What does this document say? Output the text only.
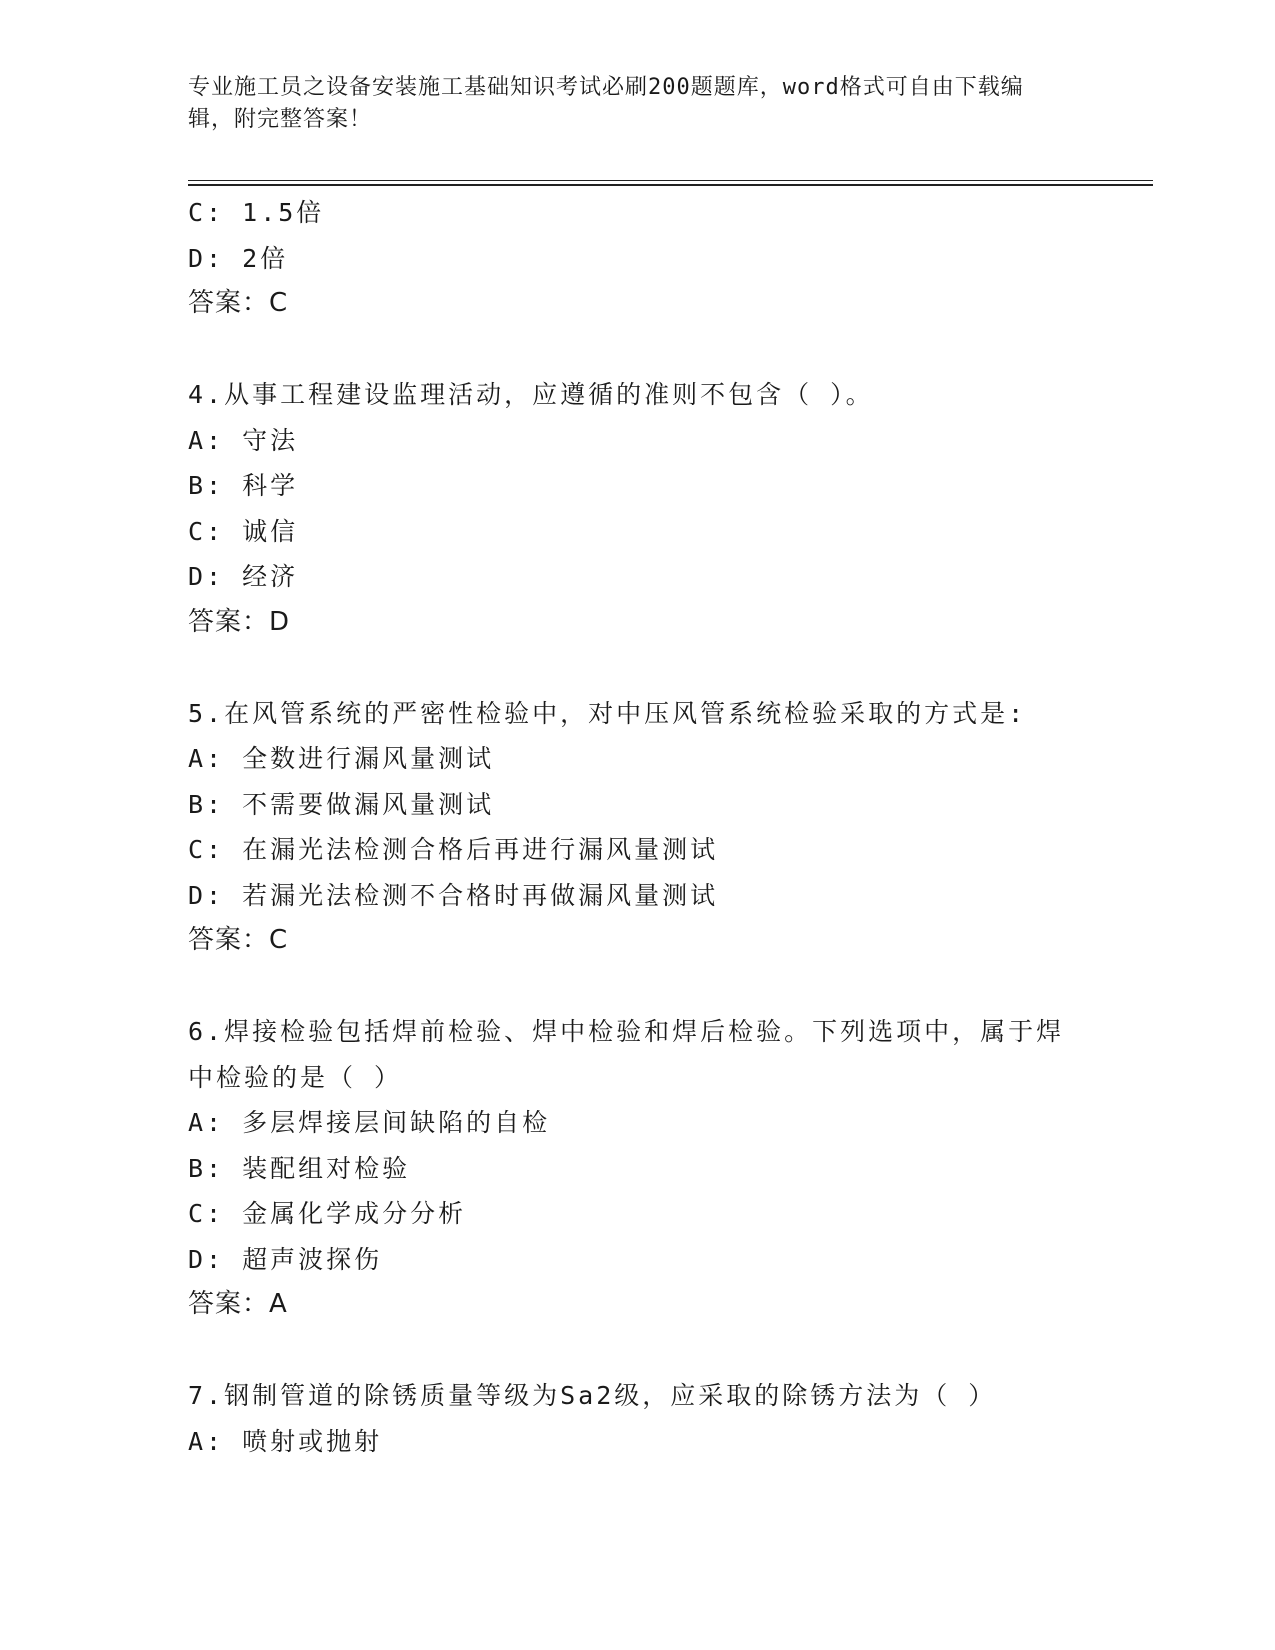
专业施工员之设备安装施工基础知识考试必刷200题题库，word格式可自由下载编辑，附完整答案！
C: 1.5倍
D: 2倍
答案：C
4.从事工程建设监理活动，应遵循的准则不包含（ ）。
A: 守法
B: 科学
C: 诚信
D: 经济
答案：D
5.在风管系统的严密性检验中，对中压风管系统检验采取的方式是:
A: 全数进行漏风量测试
B: 不需要做漏风量测试
C: 在漏光法检测合格后再进行漏风量测试
D: 若漏光法检测不合格时再做漏风量测试
答案：C
6.焊接检验包括焊前检验、焊中检验和焊后检验。下列选项中，属于焊中检验的是（ ）
A: 多层焊接层间缺陷的自检
B: 装配组对检验
C: 金属化学成分分析
D: 超声波探伤
答案：A
7.钢制管道的除锈质量等级为Sa2级，应采取的除锈方法为（ ）
A: 喷射或抛射
